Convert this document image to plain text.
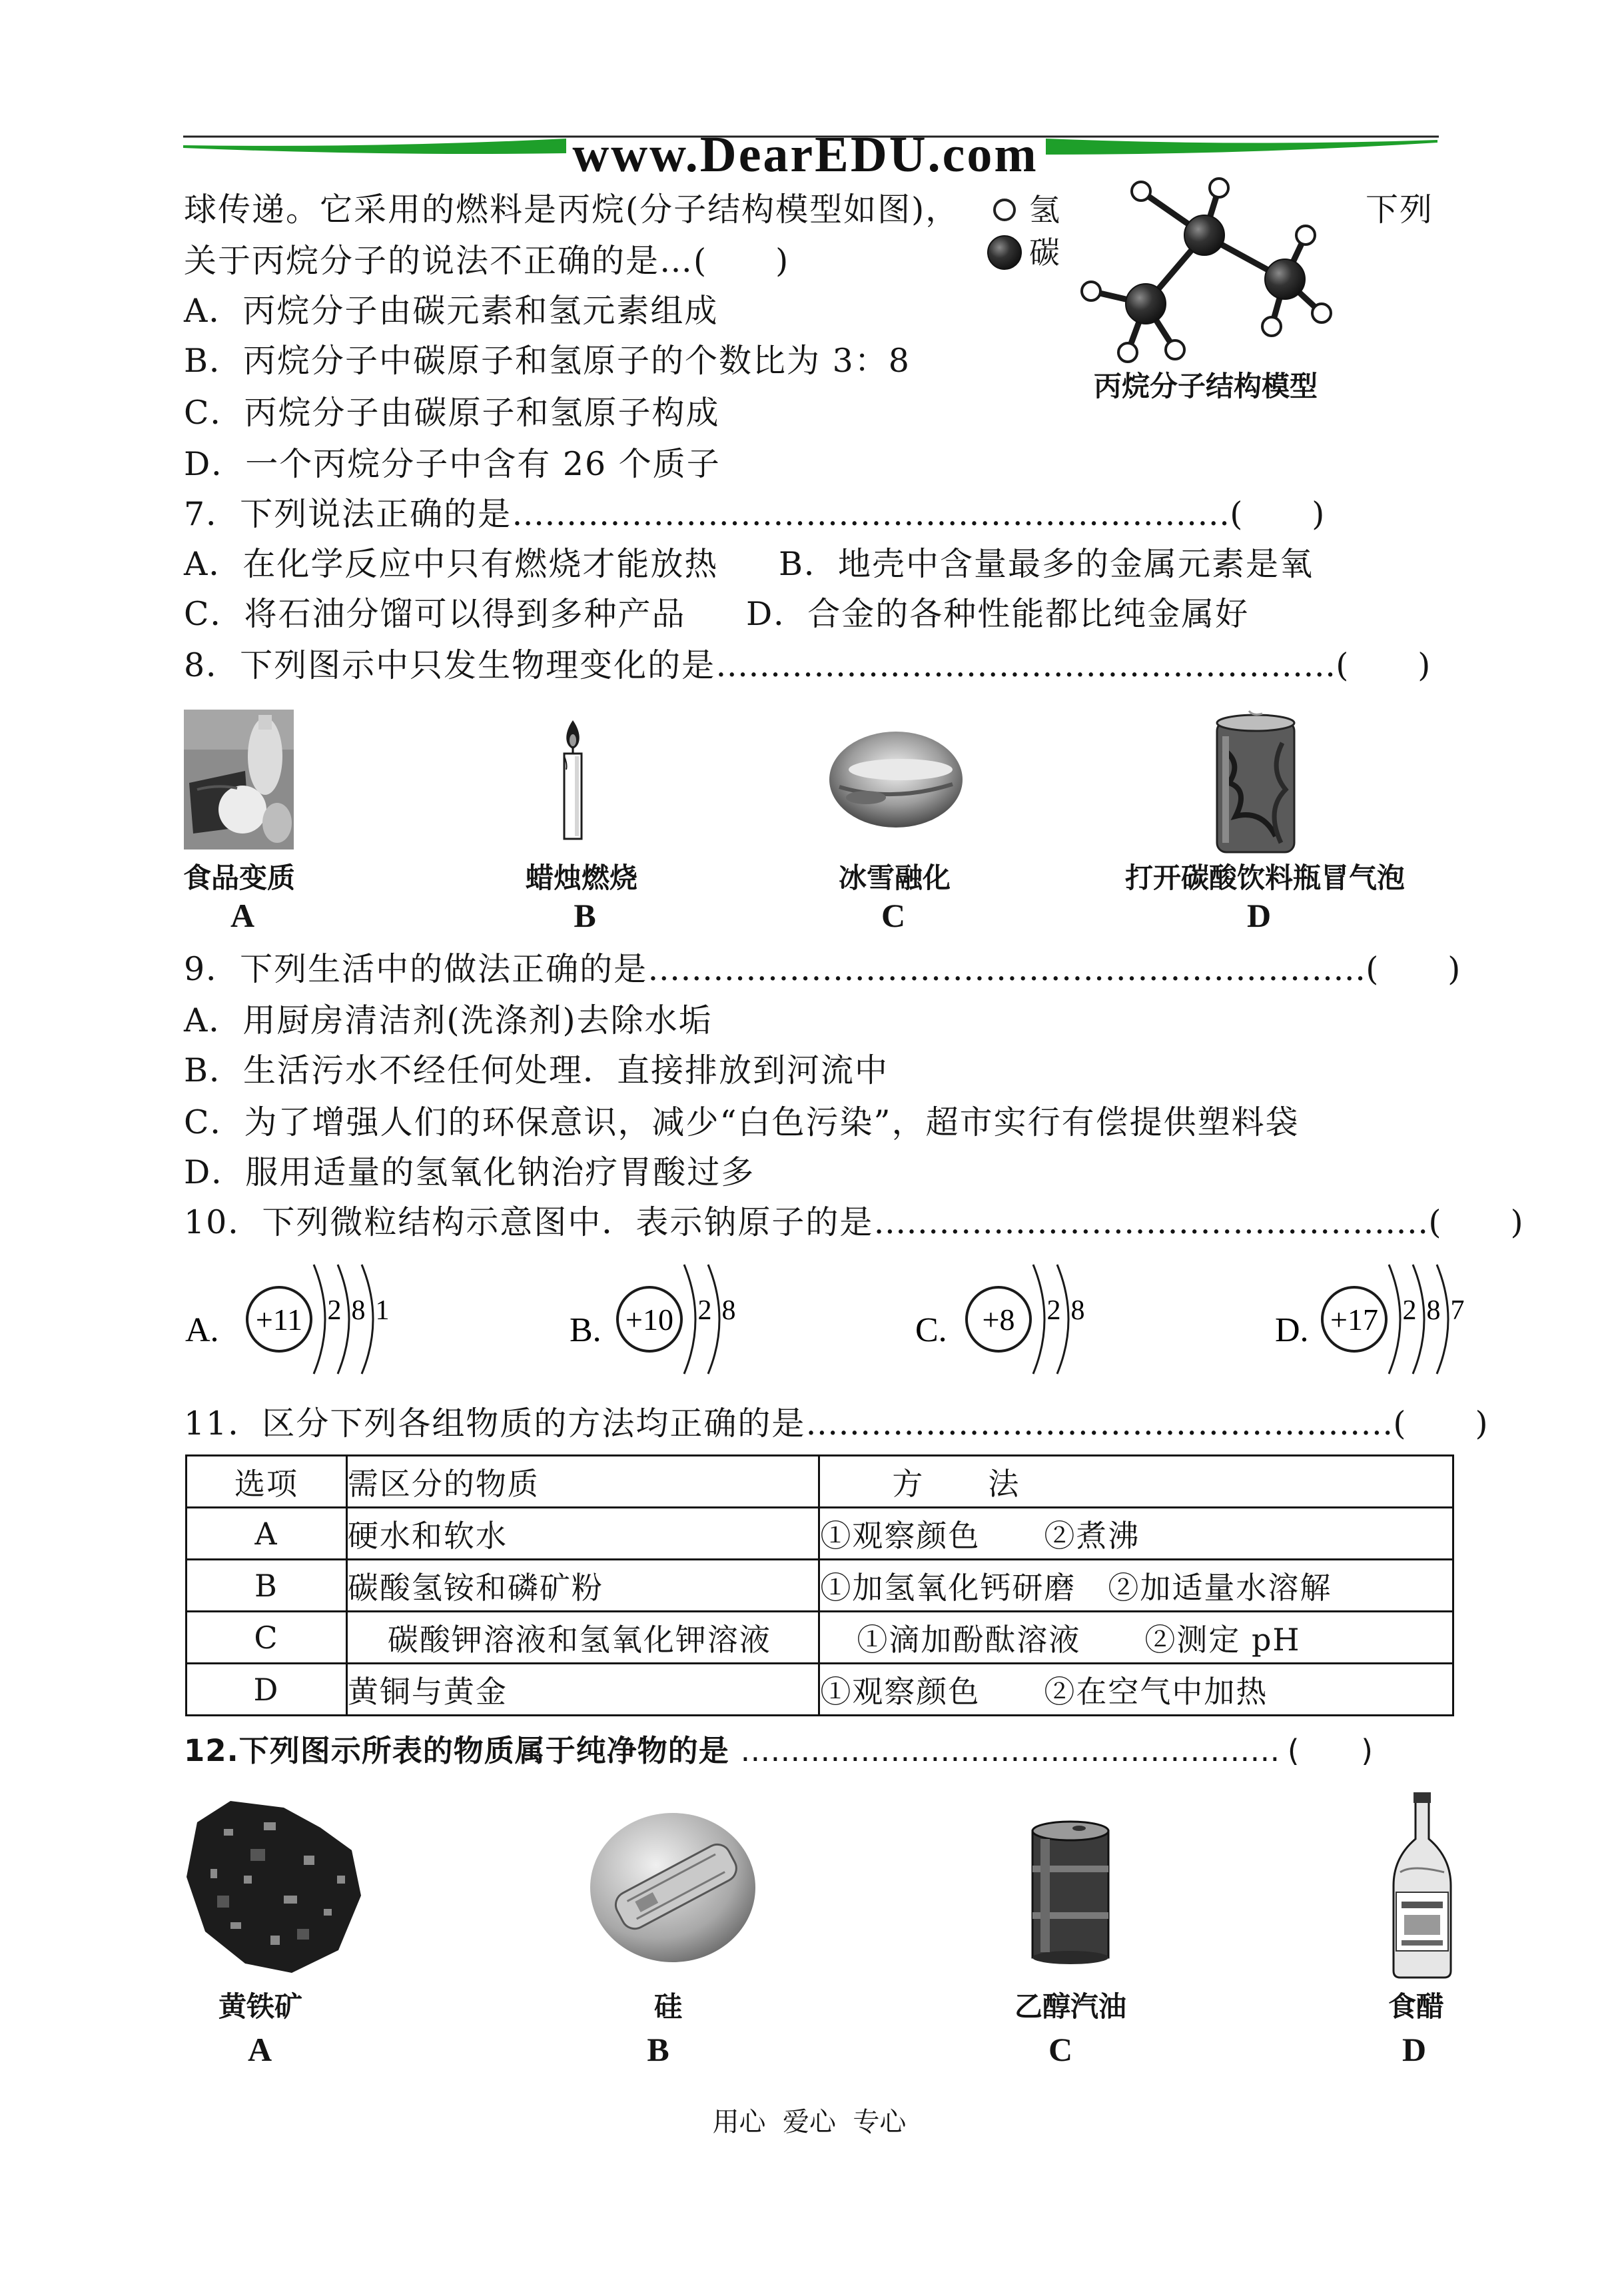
www.DearEDU.com
球传递。它采用的燃料是丙烷(分子结构模型如图)，	下列
关于丙烷分子的说法不正确的是…(　　)
A．丙烷分子由碳元素和氢元素组成
B．丙烷分子中碳原子和氢原子的个数比为 3：8
C．丙烷分子由碳原子和氢原子构成
D．一个丙烷分子中含有 26 个质子
氢
碳
丙烷分子结构模型
7．下列说法正确的是 ………………………………………………………… (　　)
A．在化学反应中只有燃烧才能放热 B．地壳中含量最多的金属元素是氧
C．将石油分馏可以得到多种产品 D．合金的各种性能都比纯金属好
8．下列图示中只发生物理变化的是 ………………………………………………… (　　)
食品变质	蜡烛燃烧	冰雪融化	打开碳酸饮料瓶冒气泡
A	B	C	D
9．下列生活中的做法正确的是 ………………………………………………………… (　　)
A．用厨房清洁剂(洗涤剂)去除水垢
B．生活污水不经任何处理．直接排放到河流中
C．为了增强人们的环保意识，减少“白色污染”，超市实行有偿提供塑料袋
D．服用适量的氢氧化钠治疗胃酸过多
10．下列微粒结构示意图中．表示钠原子的是 …………………………………………… (　　)
A. +11 2 8 1
B. +10 2 8
C. +8 2 8
D. +17 2 8 7
11．区分下列各组物质的方法均正确的是 ……………………………………………… (　　)
选项	需区分的物质	方　　法
A	硬水和软水	①观察颜色　　②煮沸
B	碳酸氢铵和磷矿粉	①加氢氧化钙研磨　②加适量水溶解
C	碳酸钾溶液和氢氧化钾溶液	①滴加酚酞溶液　　②测定 pH
D	黄铜与黄金	①观察颜色　　②在空气中加热
12.下列图示所表的物质属于纯净物的是 ……………………………………………… (　　)
黄铁矿	硅	乙醇汽油	食醋
A	B	C	D
用心  爱心  专心
